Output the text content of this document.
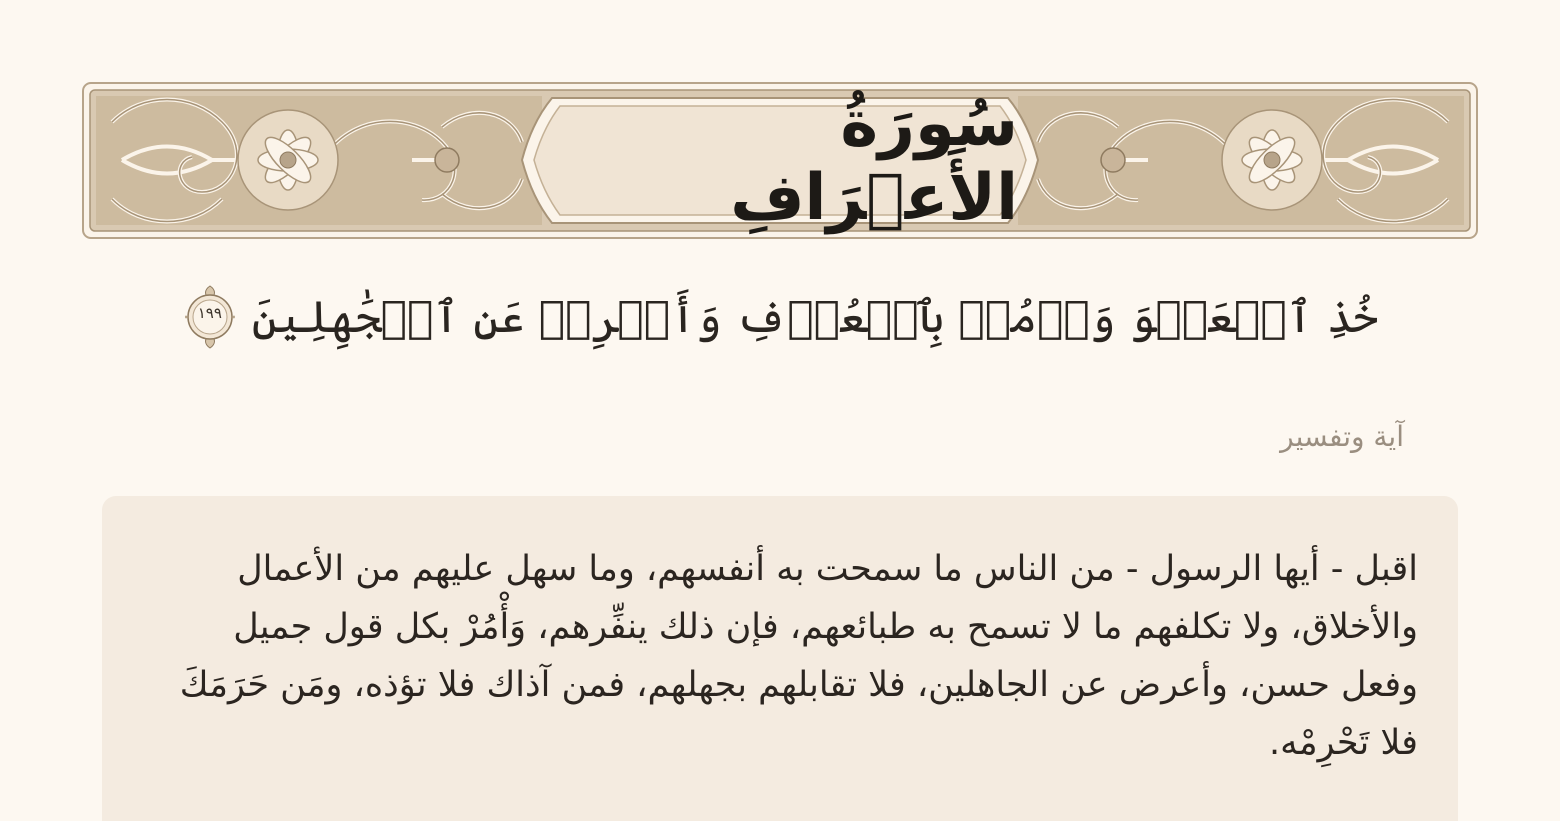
سُورَةُ الأَعۡرَافِ
خُذِ ٱلۡعَفۡوَ وَأۡمُرۡ بِٱلۡعُرۡفِ وَأَعۡرِضۡ عَنِ ٱلۡجَٰهِلِينَ
١٩٩
آية وتفسير
اقبل - أيها الرسول - من الناس ما سمحت به أنفسهم، وما سهل عليهم من الأعمال والأخلاق، ولا تكلفهم ما لا تسمح به طبائعهم، فإن ذلك ينفِّرهم، وَأْمُرْ بكل قول جميل وفعل حسن، وأعرض عن الجاهلين، فلا تقابلهم بجهلهم، فمن آذاك فلا تؤذه، ومَن حَرَمَكَ فلا تَحْرِمْه.
